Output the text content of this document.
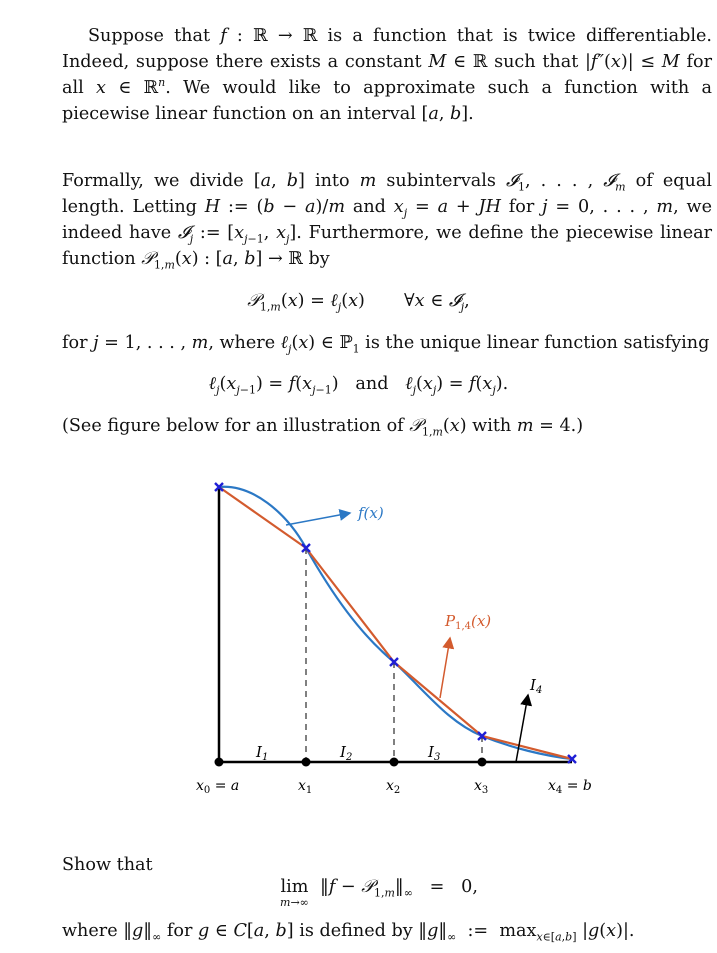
Suppose that f : ℝ → ℝ is a function that is twice differentiable. Indeed, suppose there exists a constant M ∈ ℝ such that |f″(x)| ≤ M for all x ∈ ℝ$^n$. We would like to approximate such a function with a piecewise linear function on an interval [a, b].

Formally, we divide [a, b] into m subintervals 𝓘$_1$, . . . , 𝓘$_m$ of equal length. Letting H := (b − a)/m and $x_j = a$ + JH for j = 0, . . . , m, we indeed have 𝓘$_j$ := [$x_{j-1}$, $x_j$]. Furthermore, we define the piecewise linear function 𝒫$_{1,m}$(x) : [a, b] → ℝ by

𝒫$_{1,m}$(x) = ℓ$_j$(x)       ∀x ∈ 𝓘$_j$,

for j = 1, . . . , m, where ℓ$_j$(x) ∈ ℙ$_1$ is the unique linear function satisfying

$\ell_j(x_{j-1}) = f(x_{j-1})$   and $\ell_j(x_j) = f(x_j)$.

(See figure below for an illustration of 𝒫$_{1,m}$(x) with m = 4.)

f(x)
$P_{1,4}(x)$
$I_1$	$I_2$	$I_3$
$I_4$
$x_0 = a$	$x_1$	$x_2$	$x_3$	$x_4 = b$

Show that

lim
m→∞
‖f − $𝒫_{1,m}‖_\infty = 0$,

where $‖g‖_\infty$ for g ∈ C[a, b] is defined by $‖g‖_\infty$  :=  $\max_{x\in[a,b]} |g(x)|$.
